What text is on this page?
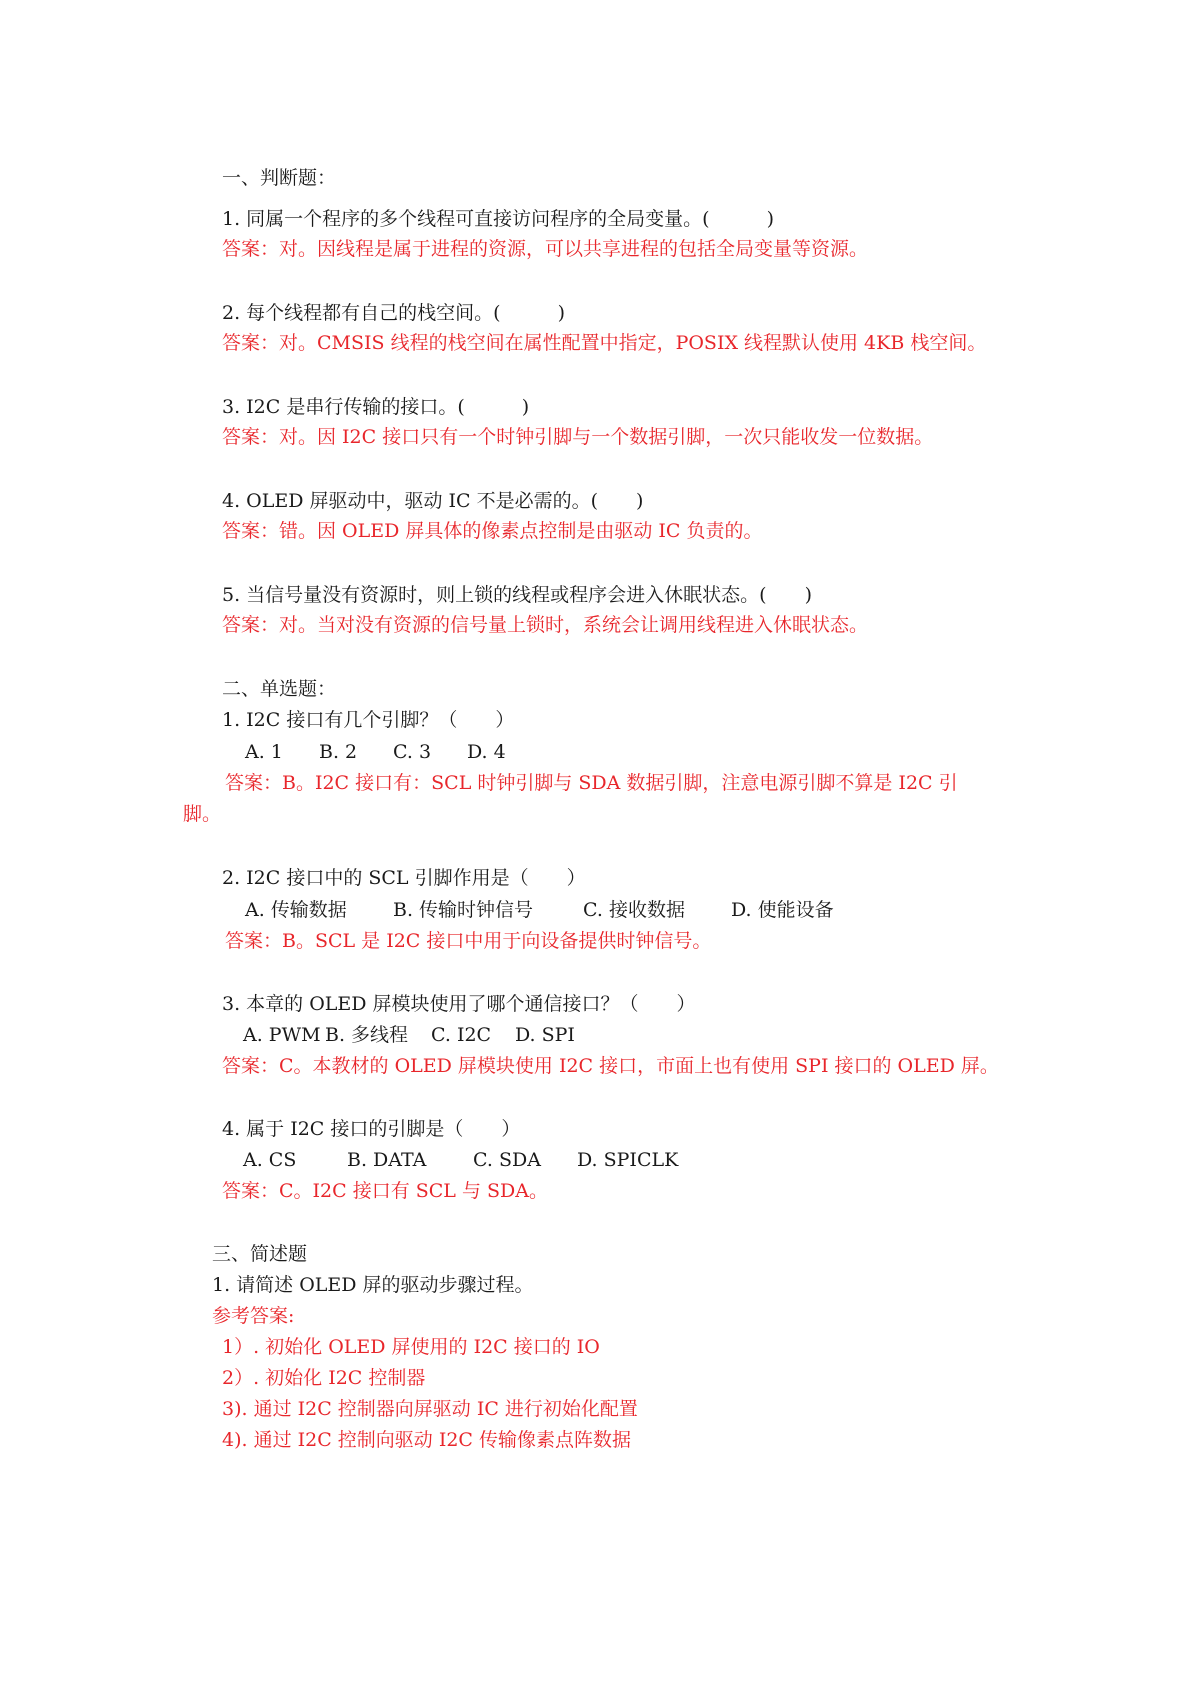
一、判断题：
1. 同属一个程序的多个线程可直接访问程序的全局变量。(　　　)
答案：对。因线程是属于进程的资源，可以共享进程的包括全局变量等资源。
2. 每个线程都有自己的栈空间。(　　　)
答案：对。CMSIS 线程的栈空间在属性配置中指定，POSIX 线程默认使用 4KB 栈空间。
3. I2C 是串行传输的接口。(　　　)
答案：对。因 I2C 接口只有一个时钟引脚与一个数据引脚，一次只能收发一位数据。
4. OLED 屏驱动中，驱动 IC 不是必需的。(　　)
答案：错。因 OLED 屏具体的像素点控制是由驱动 IC 负责的。
5. 当信号量没有资源时，则上锁的线程或程序会进入休眠状态。(　　)
答案：对。当对没有资源的信号量上锁时，系统会让调用线程进入休眠状态。
二、单选题：
1. I2C 接口有几个引脚？（　　）
A. 1 B. 2 C. 3 D. 4
答案：B。I2C 接口有：SCL 时钟引脚与 SDA 数据引脚，注意电源引脚不算是 I2C 引
脚。
2. I2C 接口中的 SCL 引脚作用是（　　）
A. 传输数据 B. 传输时钟信号	C. 接收数据 D. 使能设备
答案：B。SCL 是 I2C 接口中用于向设备提供时钟信号。
3. 本章的 OLED 屏模块使用了哪个通信接口？（　　）
A. PWM B. 多线程 C. I2C D. SPI
答案：C。本教材的 OLED 屏模块使用 I2C 接口，市面上也有使用 SPI 接口的 OLED 屏。
4. 属于 I2C 接口的引脚是（　　）
A. CS	B. DATA C. SDA D. SPICLK
答案：C。I2C 接口有 SCL 与 SDA。
三、简述题
1. 请简述 OLED 屏的驱动步骤过程。
参考答案:
1）. 初始化 OLED 屏使用的 I2C 接口的 IO
2）. 初始化 I2C 控制器
3). 通过 I2C 控制器向屏驱动 IC 进行初始化配置
4). 通过 I2C 控制向驱动 I2C 传输像素点阵数据
